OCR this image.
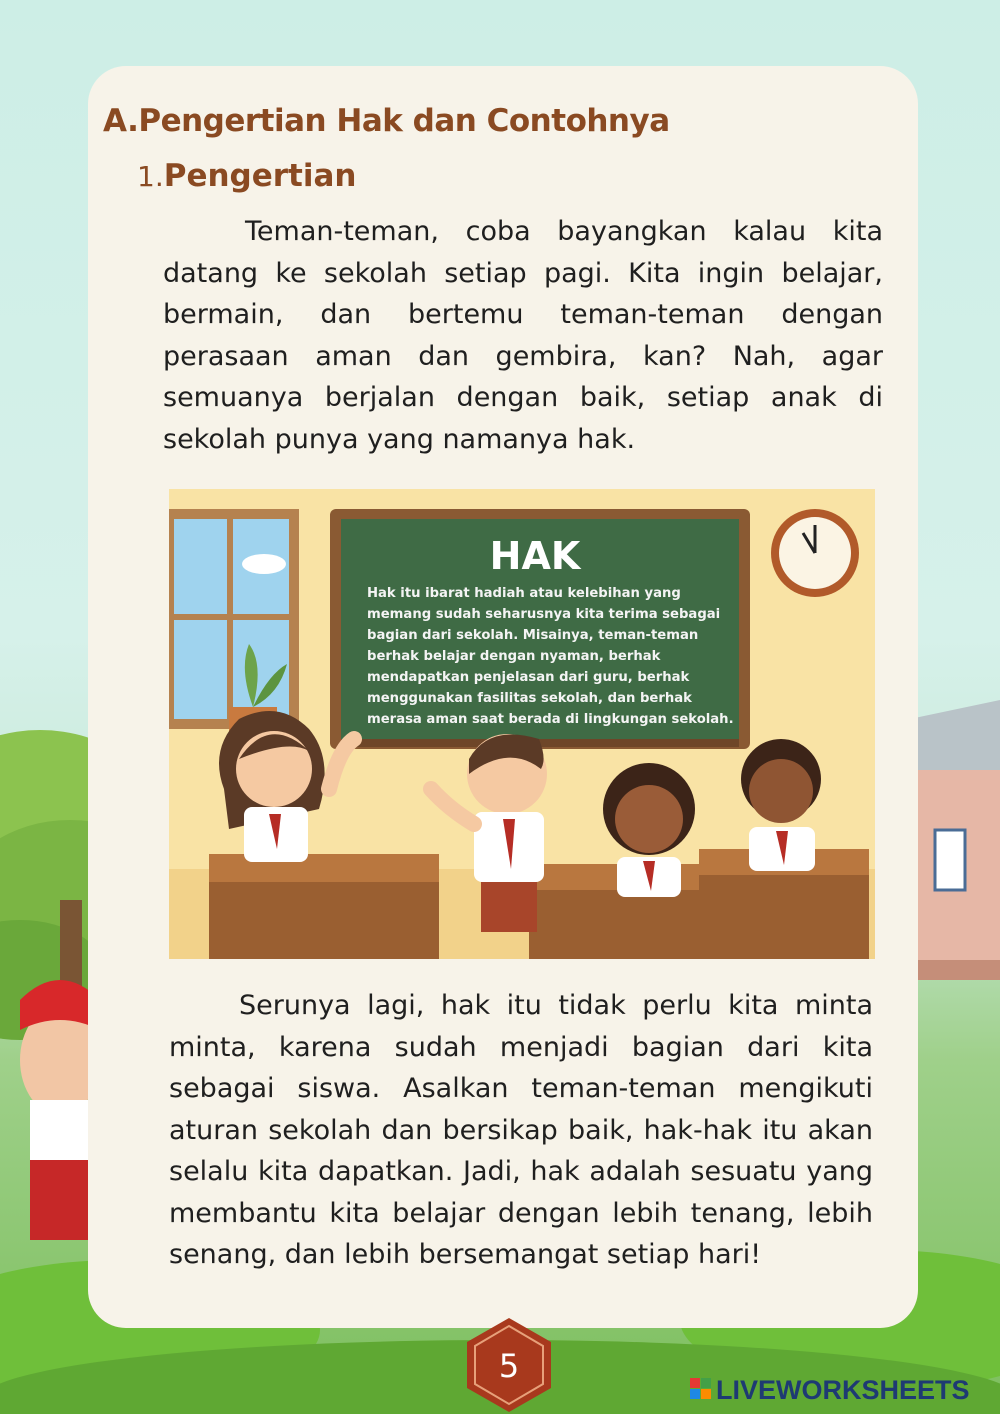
A.Pengertian Hak dan Contohnya
1.Pengertian

Teman-teman, coba bayangkan kalau kita datang ke sekolah setiap pagi. Kita ingin belajar, bermain, dan bertemu teman-teman dengan perasaan aman dan gembira, kan? Nah, agar semuanya berjalan dengan baik, setiap anak di sekolah punya yang namanya hak.

HAK
Hak itu ibarat hadiah atau kelebihan yang
memang sudah seharusnya kita terima sebagai
bagian dari sekolah. Misainya, teman-teman
berhak belajar dengan nyaman, berhak
mendapatkan penjelasan dari guru, berhak
menggunakan fasilitas sekolah, dan berhak
merasa aman saat berada di lingkungan sekolah.

Serunya lagi, hak itu tidak perlu kita minta minta, karena sudah menjadi bagian dari kita sebagai siswa. Asalkan teman-teman mengikuti aturan sekolah dan bersikap baik, hak-hak itu akan selalu kita dapatkan. Jadi, hak adalah sesuatu yang membantu kita belajar dengan lebih tenang, lebih senang, dan lebih bersemangat setiap hari!

5
LIVEWORKSHEETS
